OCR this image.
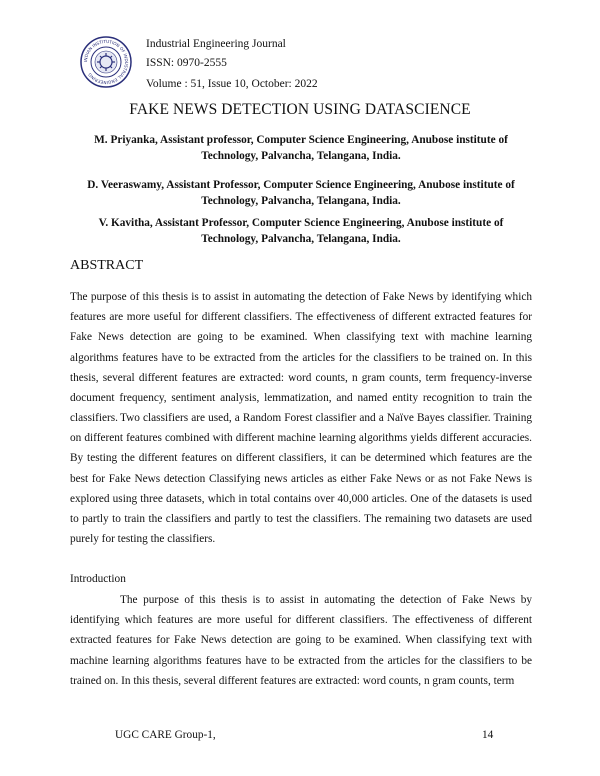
INDIAN INSTITUTION OF INDUSTRIAL ENGINEERING
Industrial Engineering Journal
ISSN: 0970-2555
Volume : 51, Issue 10, October: 2022
FAKE NEWS DETECTION USING DATASCIENCE
M. Priyanka, Assistant professor, Computer Science Engineering, Anubose institute of Technology, Palvancha, Telangana, India.
D. Veeraswamy, Assistant Professor, Computer Science Engineering, Anubose institute of Technology, Palvancha, Telangana, India.
V. Kavitha, Assistant Professor, Computer Science Engineering, Anubose institute of Technology, Palvancha, Telangana, India.
ABSTRACT

The purpose of this thesis is to assist in automating the detection of Fake News by identifying which features are more useful for different classifiers. The effectiveness of different extracted features for Fake News detection are going to be examined. When classifying text with machine learning algorithms features have to be extracted from the articles for the classifiers to be trained on. In this thesis, several different features are extracted: word counts, n gram counts, term frequency-inverse document frequency, sentiment analysis, lemmatization, and named entity recognition to train the classifiers. Two classifiers are used, a Random Forest classifier and a Naïve Bayes classifier. Training on different features combined with different machine learning algorithms yields different accuracies. By testing the different features on different classifiers, it can be determined which features are the best for Fake News detection Classifying news articles as either Fake News or as not Fake News is explored using three datasets, which in total contains over 40,000 articles. One of the datasets is used to partly to train the classifiers and partly to test the classifiers. The remaining two datasets are used purely for testing the classifiers.

Introduction

The purpose of this thesis is to assist in automating the detection of Fake News by identifying which features are more useful for different classifiers. The effectiveness of different extracted features for Fake News detection are going to be examined. When classifying text with machine learning algorithms features have to be extracted from the articles for the classifiers to be trained on. In this thesis, several different features are extracted: word counts, n gram counts, term

UGC CARE Group-1,	14
